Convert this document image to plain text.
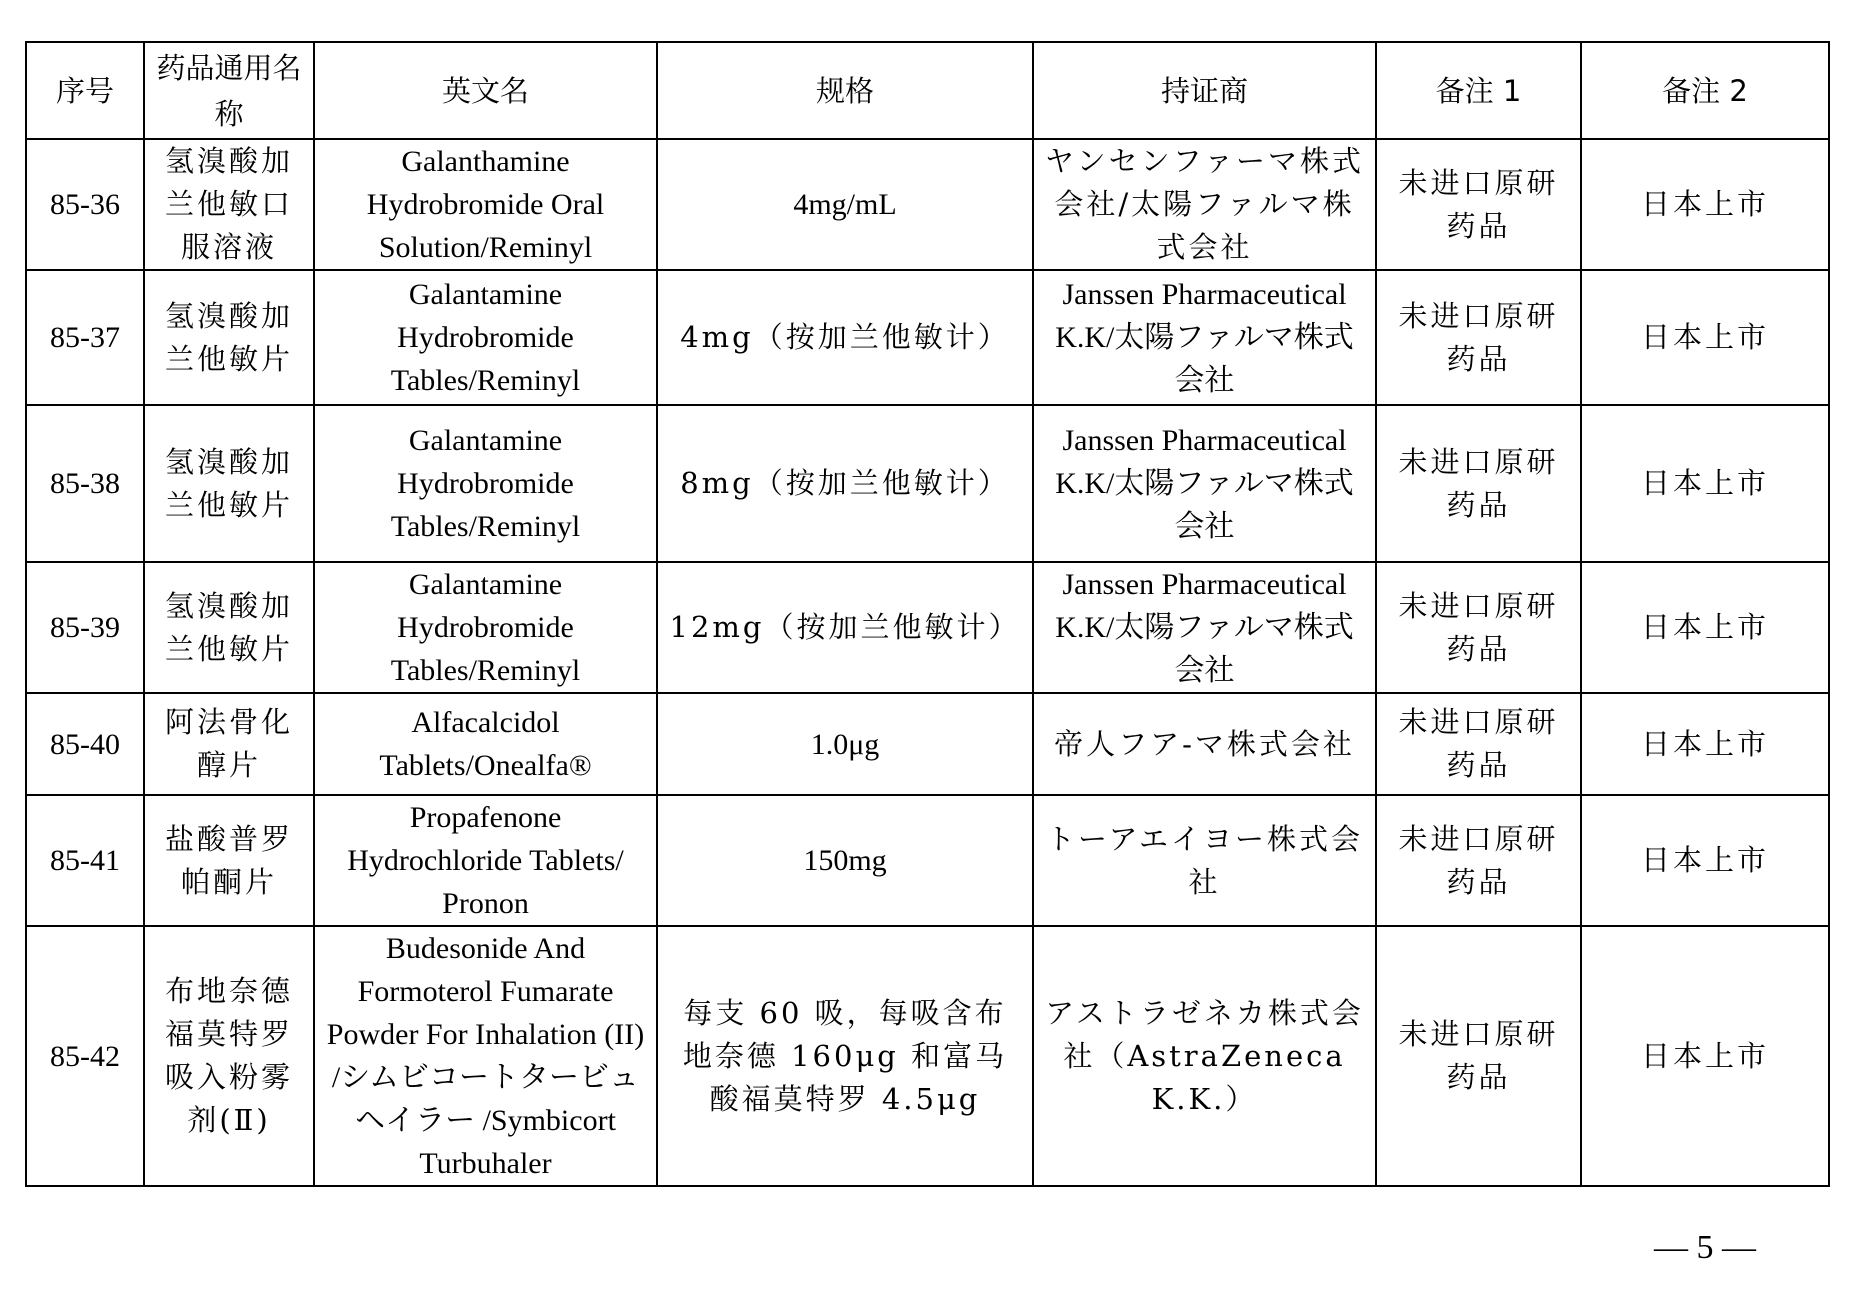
序号	药品通用名称	英文名	规格	持证商	备注 1	备注 2
85-36	氢溴酸加兰他敏口服溶液	Galanthamine Hydrobromide Oral Solution/Reminyl	4mg/mL	ヤンセンファーマ株式会社/太陽ファルマ株式会社	未进口原研药品	日本上市
85-37	氢溴酸加兰他敏片	Galantamine Hydrobromide Tables/Reminyl	4mg（按加兰他敏计）	Janssen Pharmaceutical K.K/太陽ファルマ株式会社	未进口原研药品	日本上市
85-38	氢溴酸加兰他敏片	Galantamine Hydrobromide Tables/Reminyl	8mg（按加兰他敏计）	Janssen Pharmaceutical K.K/太陽ファルマ株式会社	未进口原研药品	日本上市
85-39	氢溴酸加兰他敏片	Galantamine Hydrobromide Tables/Reminyl	12mg（按加兰他敏计）	Janssen Pharmaceutical K.K/太陽ファルマ株式会社	未进口原研药品	日本上市
85-40	阿法骨化醇片	Alfacalcidol Tablets/Onealfa®	1.0μg	帝人フア-マ株式会社	未进口原研药品	日本上市
85-41	盐酸普罗帕酮片	Propafenone Hydrochloride Tablets/ Pronon	150mg	トーアエイヨー株式会社	未进口原研药品	日本上市
85-42	布地奈德福莫特罗吸入粉雾剂(Ⅱ)	Budesonide And Formoterol Fumarate Powder For Inhalation (II) /シムビコートタービュヘイラー /Symbicort Turbuhaler	每支 60 吸，每吸含布地奈德 160μg 和富马酸福莫特罗 4.5μg	アストラゼネカ株式会社（AstraZeneca K.K.）	未进口原研药品	日本上市
— 5 —
